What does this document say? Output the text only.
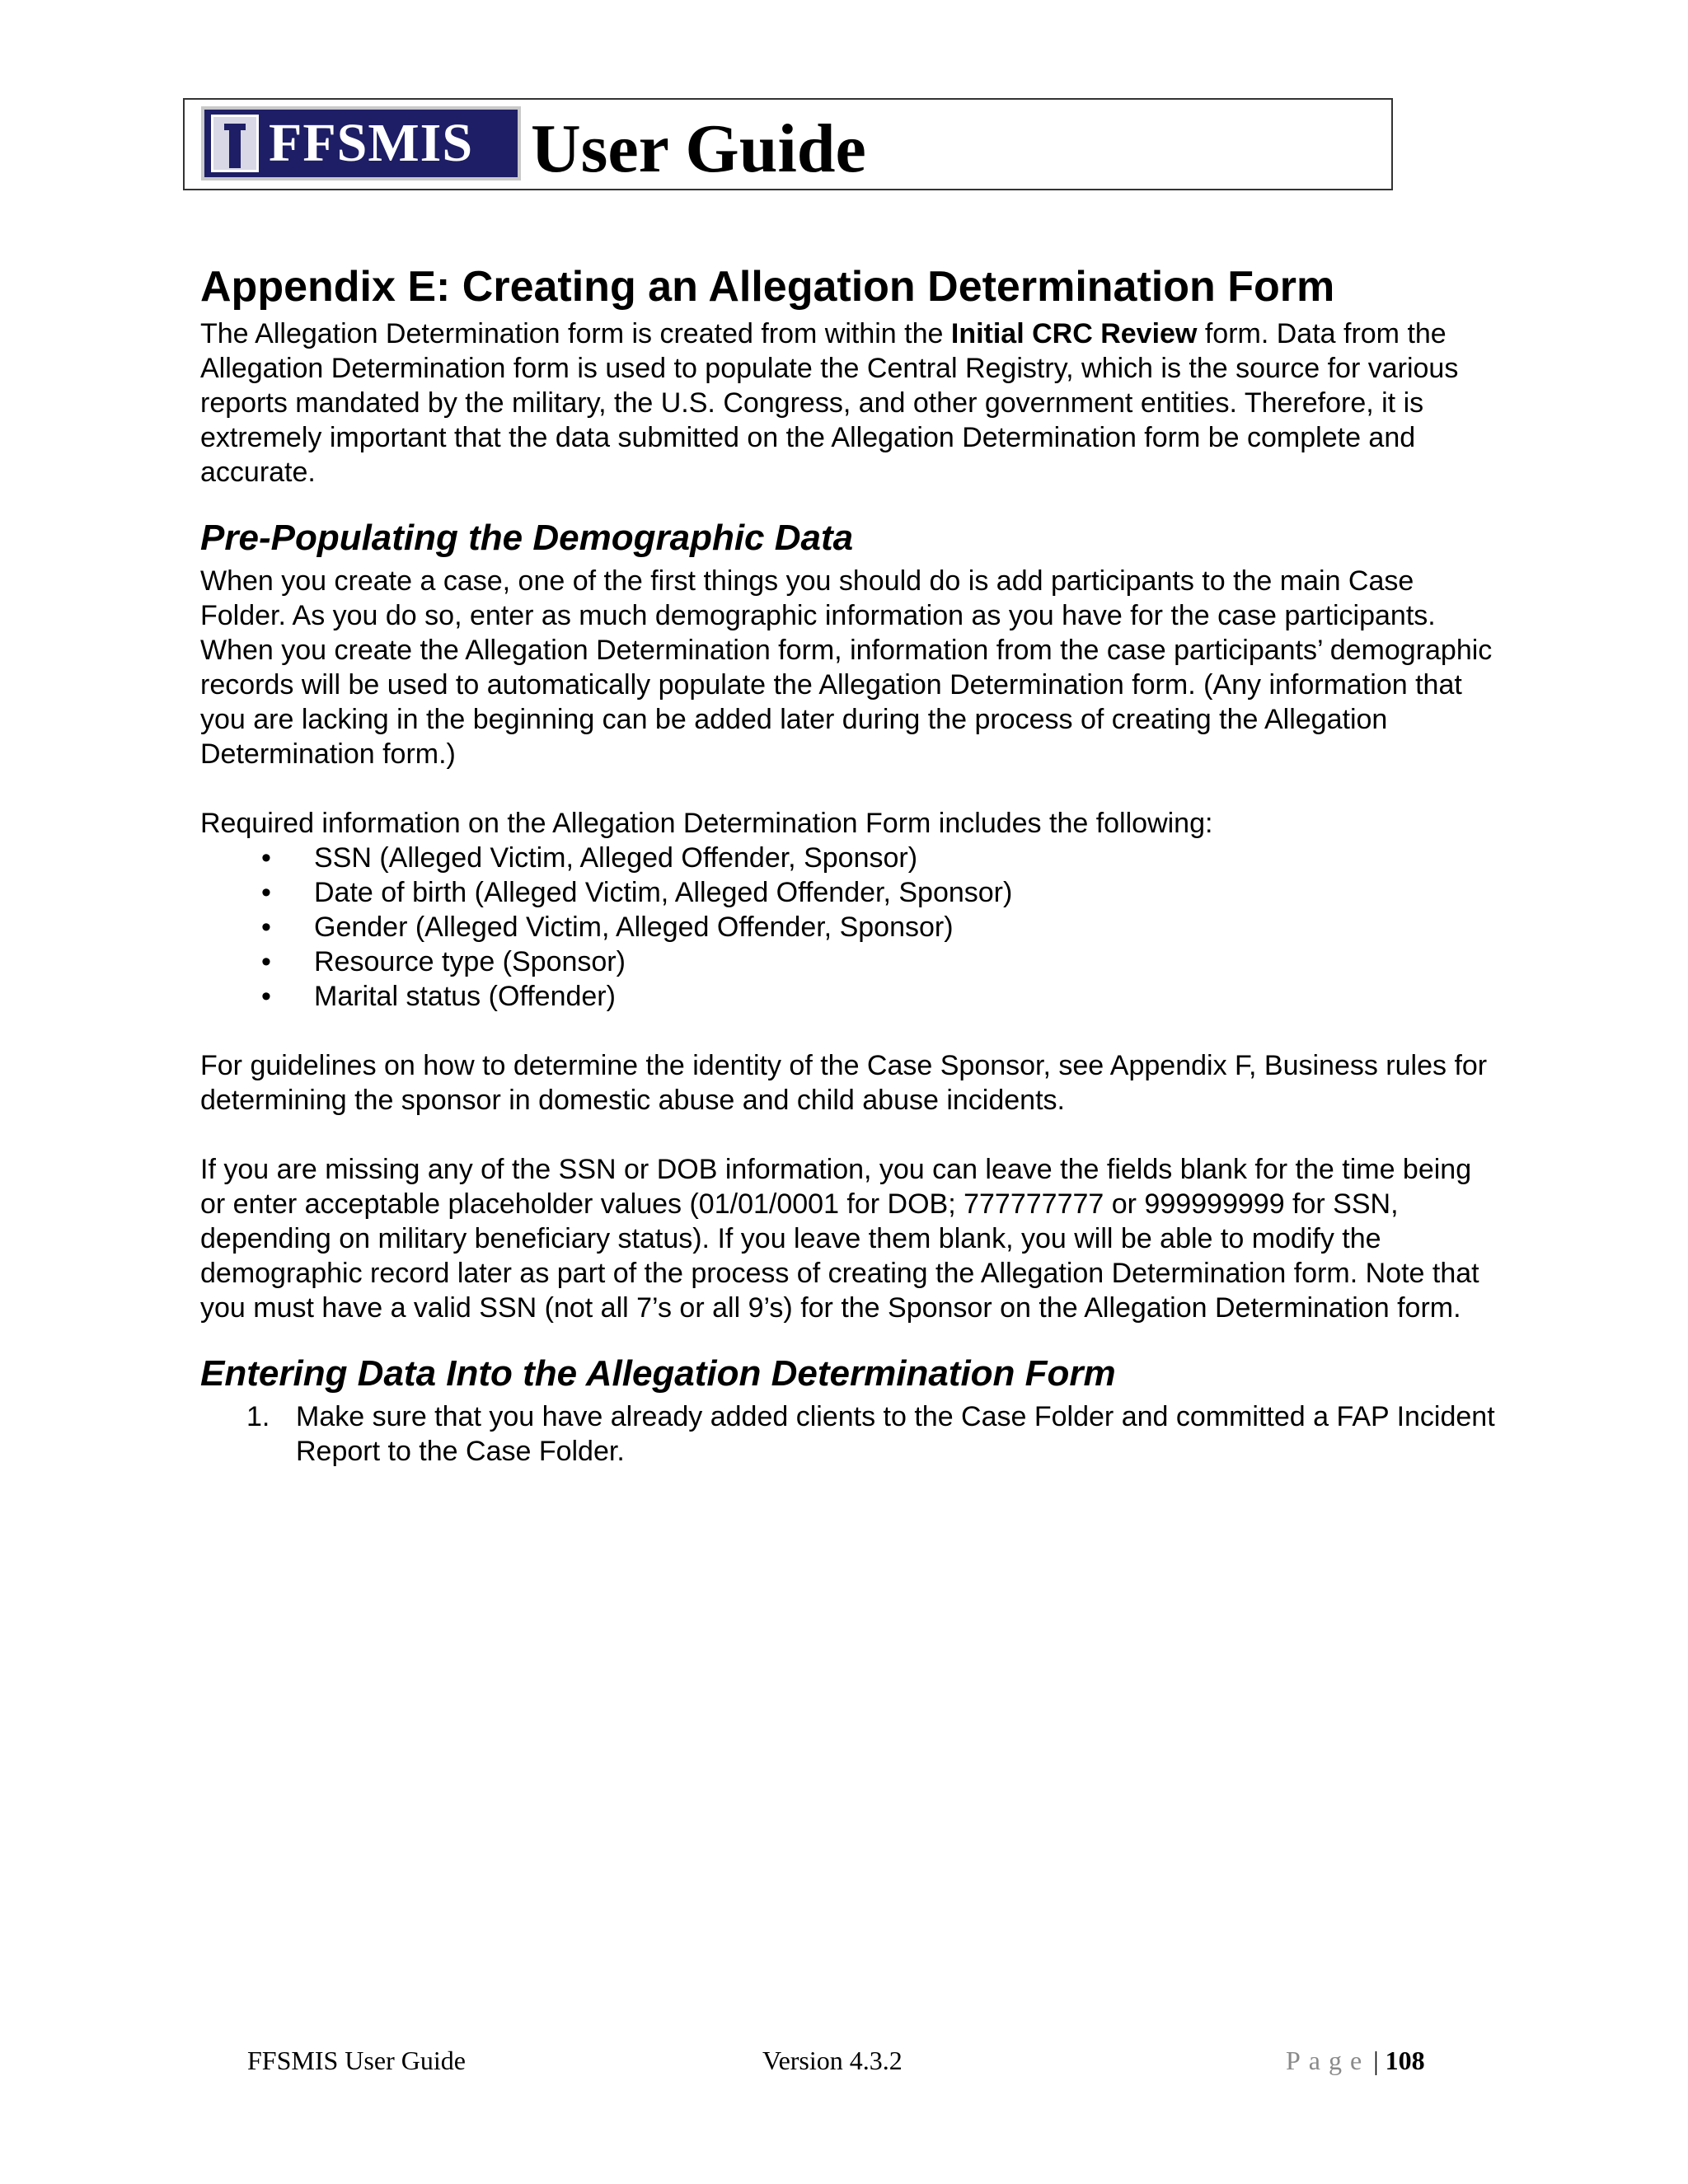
FFSMIS User Guide
Appendix E: Creating an Allegation Determination Form

The Allegation Determination form is created from within the Initial CRC Review form. Data from the Allegation Determination form is used to populate the Central Registry, which is the source for various reports mandated by the military, the U.S. Congress, and other government entities. Therefore, it is extremely important that the data submitted on the Allegation Determination form be complete and accurate.

Pre-Populating the Demographic Data

When you create a case, one of the first things you should do is add participants to the main Case Folder. As you do so, enter as much demographic information as you have for the case participants. When you create the Allegation Determination form, information from the case participants’ demographic records will be used to automatically populate the Allegation Determination form. (Any information that you are lacking in the beginning can be added later during the process of creating the Allegation Determination form.)

Required information on the Allegation Determination Form includes the following:

• SSN (Alleged Victim, Alleged Offender, Sponsor)
• Date of birth (Alleged Victim, Alleged Offender, Sponsor)
• Gender (Alleged Victim, Alleged Offender, Sponsor)
• Resource type (Sponsor)
• Marital status (Offender)

For guidelines on how to determine the identity of the Case Sponsor, see Appendix F, Business rules for determining the sponsor in domestic abuse and child abuse incidents.

If you are missing any of the SSN or DOB information, you can leave the fields blank for the time being or enter acceptable placeholder values (01/01/0001 for DOB; 777777777 or 999999999 for SSN, depending on military beneficiary status). If you leave them blank, you will be able to modify the demographic record later as part of the process of creating the Allegation Determination form. Note that you must have a valid SSN (not all 7’s or all 9’s) for the Sponsor on the Allegation Determination form.

Entering Data Into the Allegation Determination Form
1. Make sure that you have already added clients to the Case Folder and committed a FAP Incident Report to the Case Folder.
FFSMIS User Guide	Version 4.3.2	Page | 108
